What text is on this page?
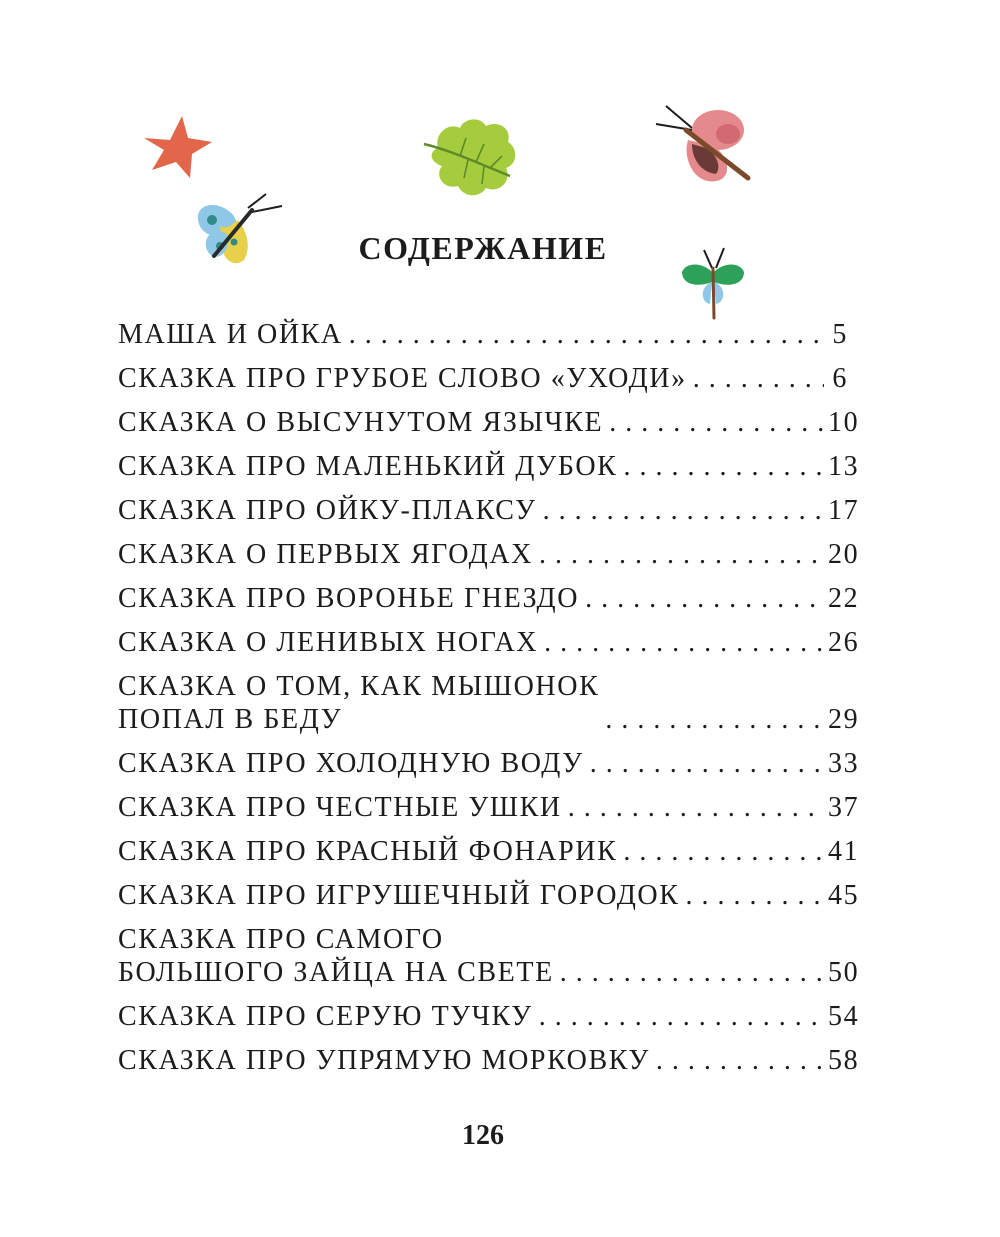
СОДЕРЖАНИЕ
МАША И ОЙКА . . .	5
СКАЗКА ПРО ГРУБОЕ СЛОВО «УХОДИ» . . .	6
СКАЗКА О ВЫСУНУТОМ ЯЗЫЧКЕ . . .	10
СКАЗКА ПРО МАЛЕНЬКИЙ ДУБОК . . .	13
СКАЗКА ПРО ОЙКУ-ПЛАКСУ . . .	17
СКАЗКА О ПЕРВЫХ ЯГОДАХ . . .	20
СКАЗКА ПРО ВОРОНЬЕ ГНЕЗДО . . .	22
СКАЗКА О ЛЕНИВЫХ НОГАХ . . .	26
СКАЗКА О ТОМ, КАК МЫШОНОК
ПОПАЛ В БЕДУ . . .	29
СКАЗКА ПРО ХОЛОДНУЮ ВОДУ . . .	33
СКАЗКА ПРО ЧЕСТНЫЕ УШКИ . . .	37
СКАЗКА ПРО КРАСНЫЙ ФОНАРИК . . .	41
СКАЗКА ПРО ИГРУШЕЧНЫЙ ГОРОДОК . . .	45
СКАЗКА ПРО САМОГО
БОЛЬШОГО ЗАЙЦА НА СВЕТЕ . . .	50
СКАЗКА ПРО СЕРУЮ ТУЧКУ . . .	54
СКАЗКА ПРО УПРЯМУЮ МОРКОВКУ . . .	58
126
